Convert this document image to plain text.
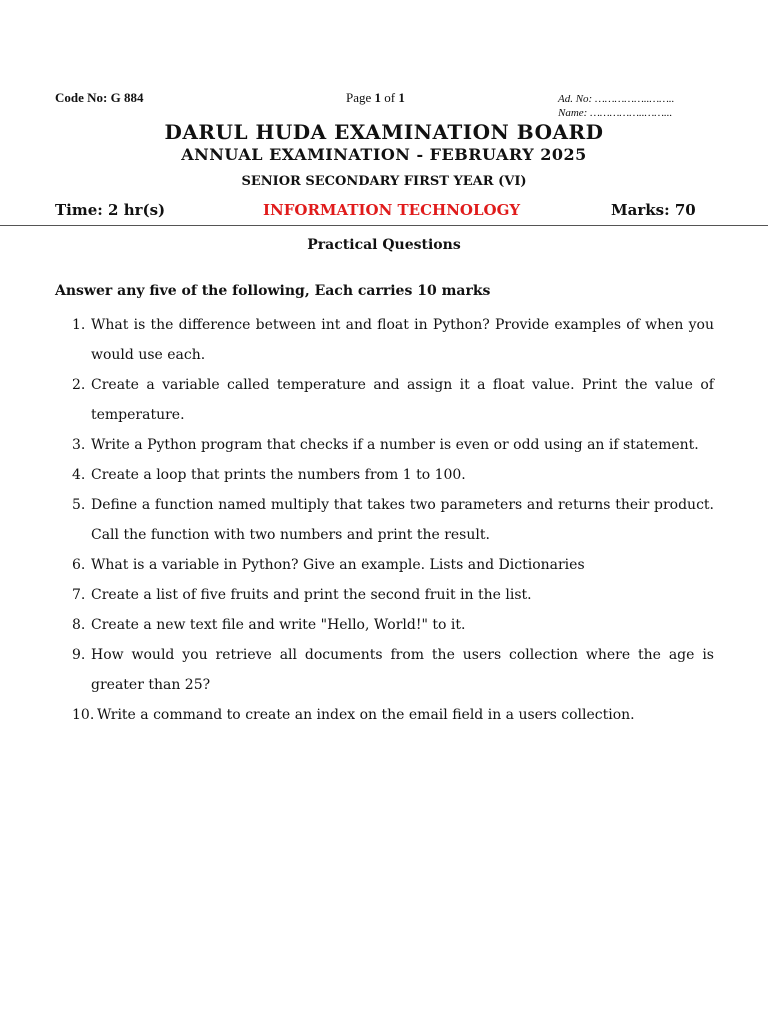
Code No: G 884	Page 1 of 1	Ad. No: ……………..……..
Name: ……………..……...
DARUL HUDA EXAMINATION BOARD
ANNUAL EXAMINATION - FEBRUARY 2025
SENIOR SECONDARY FIRST YEAR (VI)
Time: 2 hr(s)	INFORMATION TECHNOLOGY	Marks: 70
Practical Questions
Answer any five of the following, Each carries 10 marks
1. What is the difference between int and float in Python? Provide examples of when you would use each.
2. Create a variable called temperature and assign it a float value. Print the value of temperature.
3. Write a Python program that checks if a number is even or odd using an if statement.
4. Create a loop that prints the numbers from 1 to 100.
5. Define a function named multiply that takes two parameters and returns their product. Call the function with two numbers and print the result.
6. What is a variable in Python? Give an example. Lists and Dictionaries
7. Create a list of five fruits and print the second fruit in the list.
8. Create a new text file and write "Hello, World!" to it.
9. How would you retrieve all documents from the users collection where the age is greater than 25?
10. Write a command to create an index on the email field in a users collection.
